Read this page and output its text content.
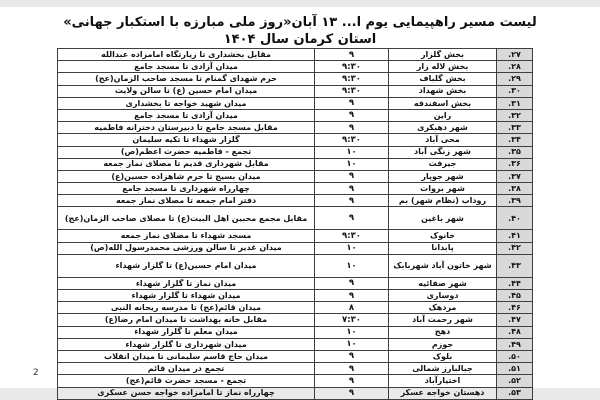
لیست مسیر راهپیمایی یوم ا... ۱۳ آبان«روز ملی مبارزه با استکبار جهانی»
استان کرمان سال ۱۴۰۴
۲۷.
بخش گلزار
۹
مقابل بخشداری تا زیارتگاه امامزاده عبدالله
۲۸.
بخش لاله زار
۹:۳۰
میدان آزادی تا مسجد جامع
۲۹.
بخش گلباف
۹:۳۰
حرم شهدای گمنام تا مسجد صاحب الزمان(عج)
۳۰.
بخش شهداد
۹:۳۰
میدان امام حسین (ع) تا سالن ولایت
۳۱.
بخش اسفندقه
۹
میدان شهید خواجه تا بخشداری
۳۲.
راین
۹
میدان آزادی تا مسجد جامع
۳۳.
شهر دهبکری
۹
مقابل مسجد جامع تا دبیرستان دخترانه فاطمیه
۳۴.
محی آباد
۹:۳۰
گلزار شهداء تا تکیه سلیمان
۳۵.
شهر زنگی آباد
۱۰
تجمع - فاطمیه حضرت اعظم(ص)
۳۶.
جیرفت
۱۰
مقابل شهرداری قدیم تا مصلای نماز جمعه
۳۷.
شهر جوپار
۹
میدان بسیج تا حرم شاهزاده حسین(ع)
۳۸.
شهر بروات
۹
چهارراه شهرداری تا مسجد جامع
۳۹.
روداب (نظام شهر) بم
۹
دفتر امام جمعه تا مصلای نماز جمعه
۴۰.
شهر باغین
۹
مقابل مجمع محبین اهل البیت(ع) تا مصلای صاحب الزمان(عج)
۴۱.
خانوک
۹:۳۰
مسجد شهداء تا مصلای نماز جمعه
۴۲.
پابدانا
۱۰
میدان غدیر تا سالن ورزشی محمدرسول الله(ص)
۴۳.
شهر خاتون آباد شهربابک
۱۰
میدان امام حسین(ع) تا گلزار شهداء
۴۴.
شهر صفائیه
۹
میدان نماز تا گلزار شهداء
۴۵.
دوساری
۹
میدان شهداء تا گلزار شهداء
۴۶.
مردهک
۸
میدان قائم(عج) تا مدرسه ریحانه النبی
۴۷.
شهر رحمت آباد
۷:۳۰
مقابل خانه بهداشت تا میدان امام رضا(ع)
۴۸.
دهج
۱۰
میدان معلم تا گلزار شهداء
۴۹.
جوزم
۱۰
میدان شهرداری تا گلزار شهداء
۵۰.
بلوک
۹
میدان حاج قاسم سلیمانی تا میدان انقلاب
۵۱.
جبالبارز شمالی
۹
تجمع در میدان قائم
۵۲.
اختیارآباد
۹
تجمع - مسجد حضرت قائم(عج)
۵۳.
دهستان خواجه عسکر
۹
چهارراه نماز تا امامزاده خواجه حسن عسکری
2
